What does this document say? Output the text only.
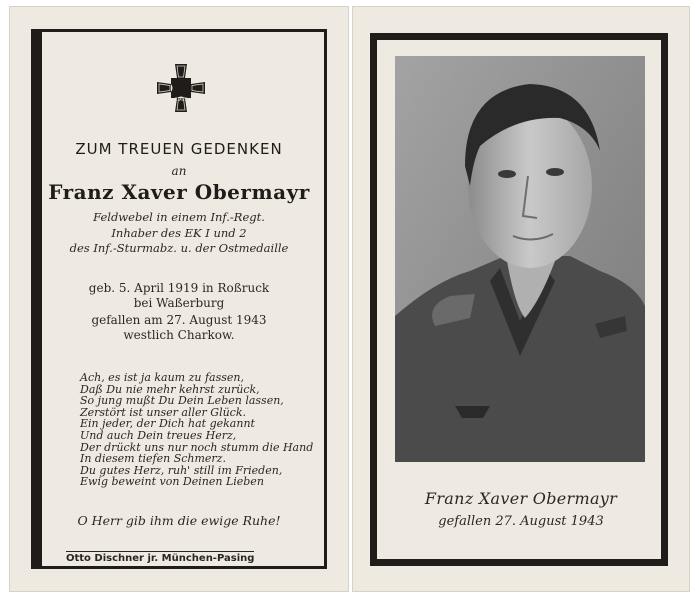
1939
ZUM TREUEN GEDENKEN
an
Franz Xaver Obermayr
Feldwebel in einem Inf.-Regt.
Inhaber des EK I und 2
des Inf.-Sturmabz. u. der Ostmedaille
geb. 5. April 1919 in Roßruck
bei Waßerburg
gefallen am 27. August 1943
westlich Charkow.
Ach, es ist ja kaum zu fassen,
Daß Du nie mehr kehrst zurück,
So jung mußt Du Dein Leben lassen,
Zerstört ist unser aller Glück.
Ein jeder, der Dich hat gekannt
Und auch Dein treues Herz,
Der drückt uns nur noch stumm die Hand
In diesem tiefen Schmerz.
Du gutes Herz, ruh' still im Frieden,
Ewig beweint von Deinen Lieben
O Herr gib ihm die ewige Ruhe!
Otto Dischner jr. München-Pasing
Franz Xaver Obermayr
gefallen 27. August 1943
